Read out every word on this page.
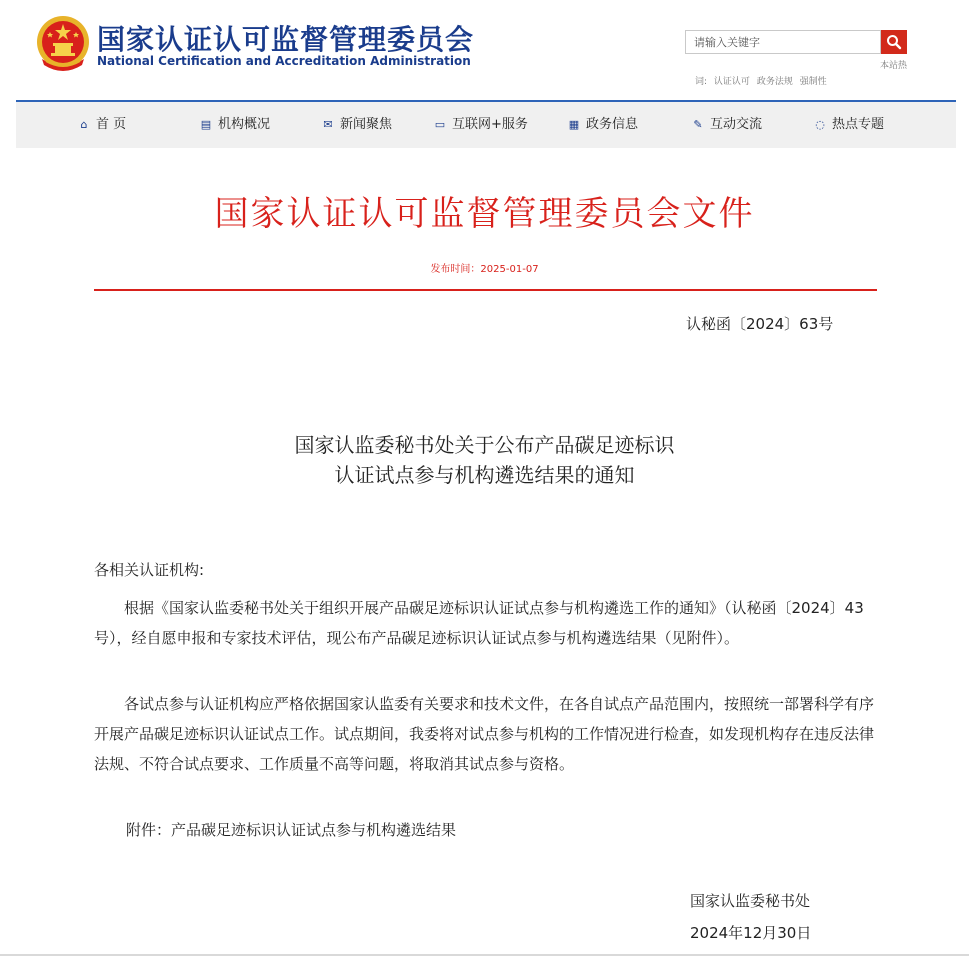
国家认证认可监督管理委员会
National Certification and Accreditation Administration
请输入关键字	本站热
词: 认证认可 政务法规 强制性
⌂ 首 页	▤ 机构概况	✉ 新闻聚焦	▭ 互联网+服务	▦ 政务信息	✎ 互动交流	◌ 热点专题
国家认证认可监督管理委员会文件
发布时间：2025-01-07
认秘函〔2024〕63号
国家认监委秘书处关于公布产品碳足迹标识
认证试点参与机构遴选结果的通知
各相关认证机构:
根据《国家认监委秘书处关于组织开展产品碳足迹标识认证试点参与机构遴选工作的通知》（认秘函〔2024〕43号），经自愿申报和专家技术评估，现公布产品碳足迹标识认证试点参与机构遴选结果（见附件）。
各试点参与认证机构应严格依据国家认监委有关要求和技术文件，在各自试点产品范围内，按照统一部署科学有序开展产品碳足迹标识认证试点工作。试点期间，我委将对试点参与机构的工作情况进行检查，如发现机构存在违反法律法规、不符合试点要求、工作质量不高等问题，将取消其试点参与资格。
附件：产品碳足迹标识认证试点参与机构遴选结果
国家认监委秘书处
2024年12月30日
